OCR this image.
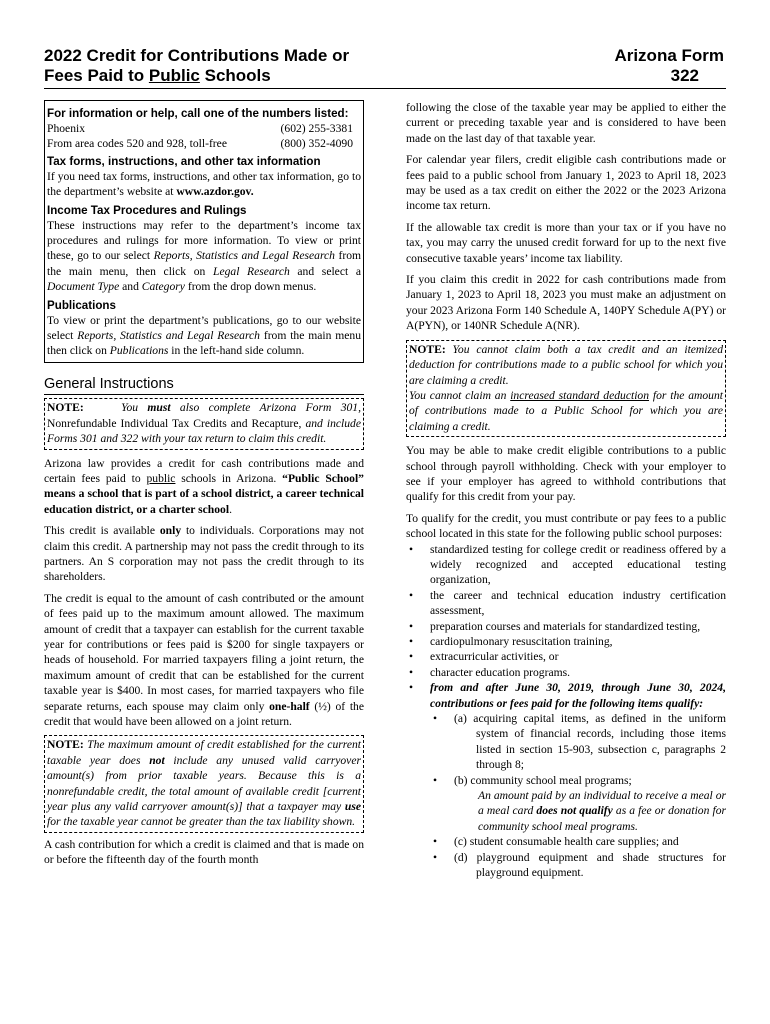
2022 Credit for Contributions Made or
Fees Paid to Public Schools
Arizona Form
322
For information or help, call one of the numbers listed:
Phoenix	(602) 255-3381
From area codes 520 and 928, toll-free	(800) 352-4090
Tax forms, instructions, and other tax information

If you need tax forms, instructions, and other tax information, go to the department’s website at www.azdor.gov.

Income Tax Procedures and Rulings

These instructions may refer to the department’s income tax procedures and rulings for more information. To view or print these, go to our select Reports, Statistics and Legal Research from the main menu, then click on Legal Research and select a Document Type and Category from the drop down menus.

Publications

To view or print the department’s publications, go to our website select Reports, Statistics and Legal Research from the main menu then click on Publications in the left-hand side column.

General Instructions
NOTE:	You must also complete Arizona Form 301, Nonrefundable Individual Tax Credits and Recapture, and include Forms 301 and 322 with your tax return to claim this credit.

Arizona law provides a credit for cash contributions made and certain fees paid to public schools in Arizona. “Public School” means a school that is part of a school district, a career technical education district, or a charter school.

This credit is available only to individuals. Corporations may not claim this credit. A partnership may not pass the credit through to its partners. An S corporation may not pass the credit through to its shareholders.

The credit is equal to the amount of cash contributed or the amount of fees paid up to the maximum amount allowed. The maximum amount of credit that a taxpayer can establish for the current taxable year for contributions or fees paid is $200 for single taxpayers or heads of household. For married taxpayers filing a joint return, the maximum amount of credit that can be established for the current taxable year is $400. In most cases, for married taxpayers who file separate returns, each spouse may claim only one-half (½) of the credit that would have been allowed on a joint return.

NOTE: The maximum amount of credit established for the current taxable year does not include any unused valid carryover amount(s) from prior taxable years. Because this is a nonrefundable credit, the total amount of available credit [current year plus any valid carryover amount(s)] that a taxpayer may use for the taxable year cannot be greater than the tax liability shown.

A cash contribution for which a credit is claimed and that is made on or before the fifteenth day of the fourth month

following the close of the taxable year may be applied to either the current or preceding taxable year and is considered to have been made on the last day of that taxable year.

For calendar year filers, credit eligible cash contributions made or fees paid to a public school from January 1, 2023 to April 18, 2023 may be used as a tax credit on either the 2022 or the 2023 Arizona income tax return.

If the allowable tax credit is more than your tax or if you have no tax, you may carry the unused credit forward for up to the next five consecutive taxable years’ income tax liability.

If you claim this credit in 2022 for cash contributions made from January 1, 2023 to April 18, 2023 you must make an adjustment on your 2023 Arizona Form 140 Schedule A, 140PY Schedule A(PY) or A(PYN), or 140NR Schedule A(NR).

NOTE: You cannot claim both a tax credit and an itemized deduction for contributions made to a public school for which you are claiming a credit.
You cannot claim an increased standard deduction for the amount of contributions made to a Public School for which you are claiming a credit.

You may be able to make credit eligible contributions to a public school through payroll withholding. Check with your employer to see if your employer has agreed to withhold contributions that qualify for this credit from your pay.

To qualify for the credit, you must contribute or pay fees to a public school located in this state for the following public school purposes:

• standardized testing for college credit or readiness offered by a widely recognized and accepted educational testing organization,
• the career and technical education industry certification assessment,
• preparation courses and materials for standardized testing,
• cardiopulmonary resuscitation training,
• extracurricular activities, or
• character education programs.
• from and after June 30, 2019, through June 30, 2024, contributions or fees paid for the following items qualify:
• (a) acquiring capital items, as defined in the uniform system of financial records, including those items listed in section 15-903, subsection c, paragraphs 2 through 8;
• (b) community school meal programs;
An amount paid by an individual to receive a meal or a meal card does not qualify as a fee or donation for community school meal programs.
• (c) student consumable health care supplies; and
• (d) playground equipment and shade structures for playground equipment.
